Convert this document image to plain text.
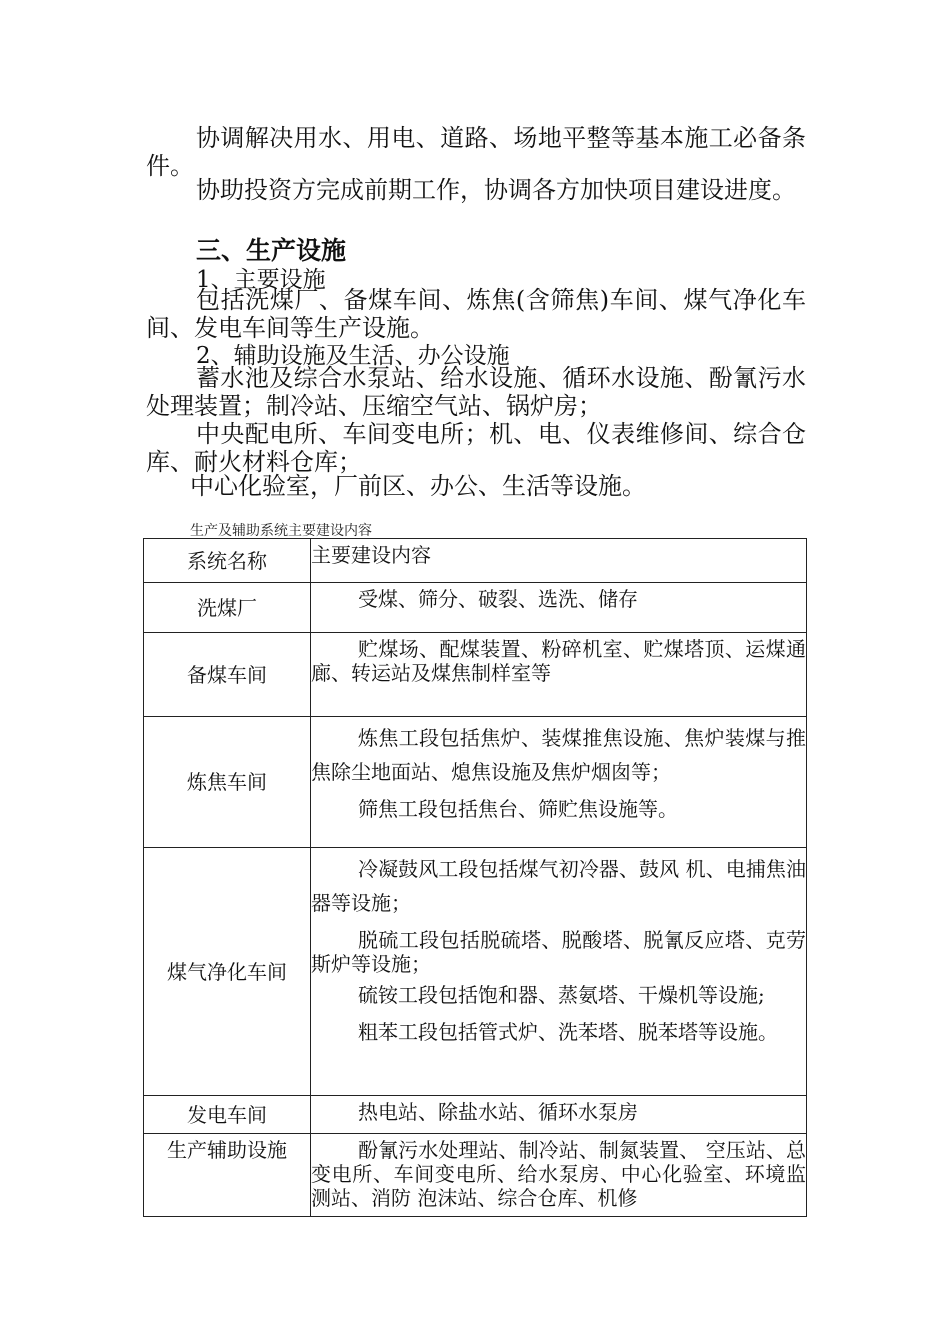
协调解决用水、用电、道路、场地平整等基本施工必备条件。

协助投资方完成前期工作，协调各方加快项目建设进度。

三、生产设施

1、主要设施

包括洗煤厂、备煤车间、炼焦(含筛焦)车间、煤气净化车间、发电车间等生产设施。

2、辅助设施及生活、办公设施

蓄水池及综合水泵站、给水设施、循环水设施、酚氰污水处理装置；制冷站、压缩空气站、锅炉房；

中央配电所、车间变电所；机、电、仪表维修间、综合仓库、耐火材料仓库；

中心化验室，厂前区、办公、生活等设施。

生产及辅助系统主要建设内容
系统名称	主要建设内容
洗煤厂	受煤、筛分、破裂、选洗、储存

备煤车间	贮煤场、配煤装置、粉碎机室、贮煤塔顶、运煤通廊、转运站及煤焦制样室等

炼焦车间	炼焦工段包括焦炉、装煤推焦设施、焦炉装煤与推焦除尘地面站、熄焦设施及焦炉烟囱等；

筛焦工段包括焦台、筛贮焦设施等。

煤气净化车间	冷凝鼓风工段包括煤气初冷器、鼓风 机、电捕焦油器等设施；

脱硫工段包括脱硫塔、脱酸塔、脱氰反应塔、克劳斯炉等设施；

硫铵工段包括饱和器、蒸氨塔、干燥机等设施;

粗苯工段包括管式炉、洗苯塔、脱苯塔等设施。

发电车间	热电站、除盐水站、循环水泵房

生产辅助设施	酚氰污水处理站、制冷站、制氮装置、 空压站、总变电所、车间变电所、给水泵房、中心化验室、环境监测站、消防 泡沫站、综合仓库、机修
